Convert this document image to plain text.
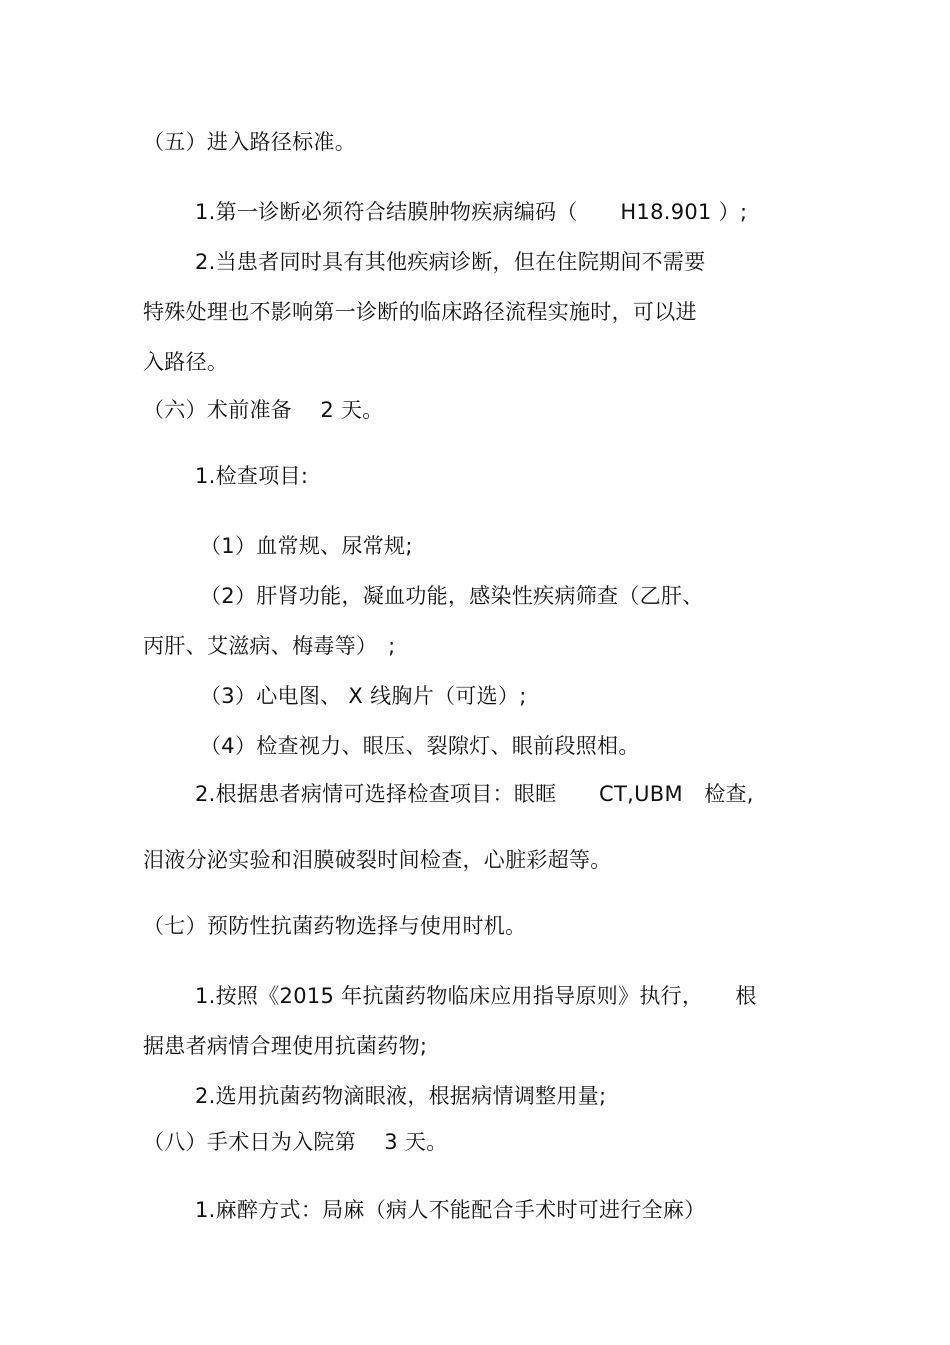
（五）进入路径标准。
1.第一诊断必须符合结膜肿物疾病编码（　　H18.901 ）;
2.当患者同时具有其他疾病诊断，但在住院期间不需要
特殊处理也不影响第一诊断的临床路径流程实施时，可以进
入路径。
（六）术前准备　 2 天。
1.检查项目:
（1）血常规、尿常规;
（2）肝肾功能，凝血功能，感染性疾病筛查（乙肝、
丙肝、艾滋病、梅毒等）　;
（3）心电图、 X 线胸片（可选）;
（4）检查视力、眼压、裂隙灯、眼前段照相。
2.根据患者病情可选择检查项目：眼眶　　CT,UBM　检查,
泪液分泌实验和泪膜破裂时间检查，心脏彩超等。
（七）预防性抗菌药物选择与使用时机。
1.按照《2015 年抗菌药物临床应用指导原则》执行，　　根
据患者病情合理使用抗菌药物;
2.选用抗菌药物滴眼液，根据病情调整用量;
（八）手术日为入院第　 3 天。
1.麻醉方式：局麻（病人不能配合手术时可进行全麻）
